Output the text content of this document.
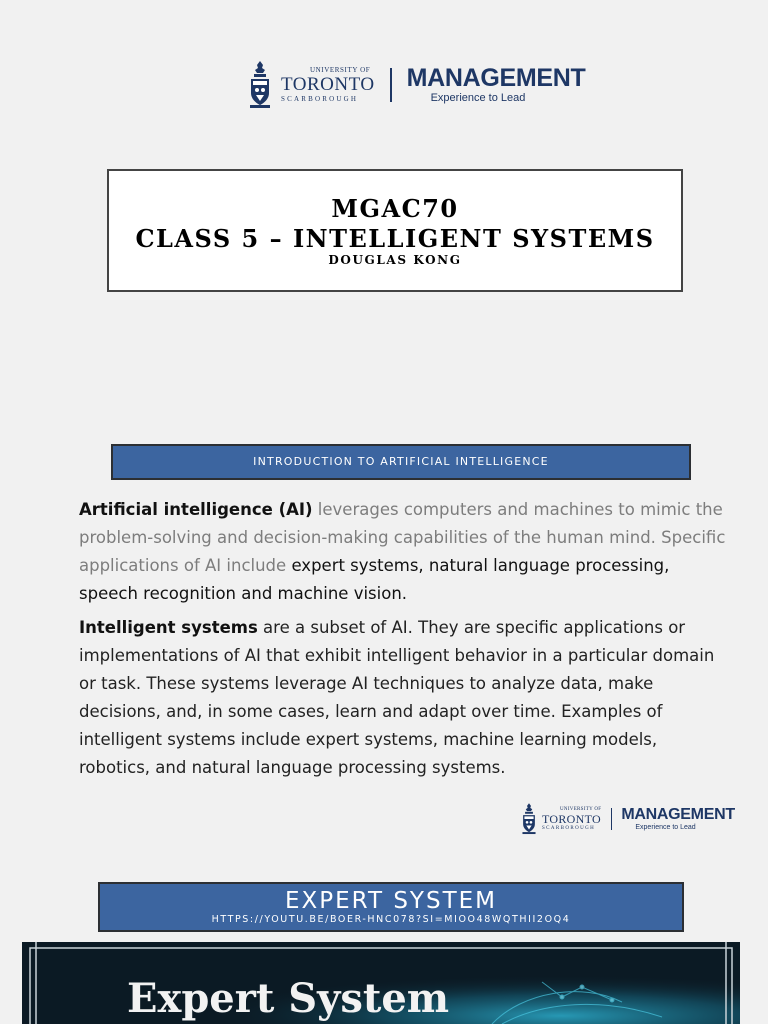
UNIVERSITY OF
TORONTO
SCARBOROUGH
MANAGEMENT
Experience to Lead
MGAC70
CLASS 5 – INTELLIGENT SYSTEMS
DOUGLAS KONG
INTRODUCTION TO ARTIFICIAL INTELLIGENCE

Artificial intelligence (AI) leverages computers and machines to mimic the problem-solving and decision-making capabilities of the human mind. Specific applications of AI include expert systems, natural language processing, speech recognition and machine vision.

Intelligent systems are a subset of AI. They are specific applications or implementations of AI that exhibit intelligent behavior in a particular domain or task. These systems leverage AI techniques to analyze data, make decisions, and, in some cases, learn and adapt over time. Examples of intelligent systems include expert systems, machine learning models, robotics, and natural language processing systems.

UNIVERSITY OF
TORONTO
SCARBOROUGH
MANAGEMENT
Experience to Lead
EXPERT SYSTEM
HTTPS://YOUTU.BE/BOER-HNC078?SI=MIOO48WQTHII2OQ4
Expert System
